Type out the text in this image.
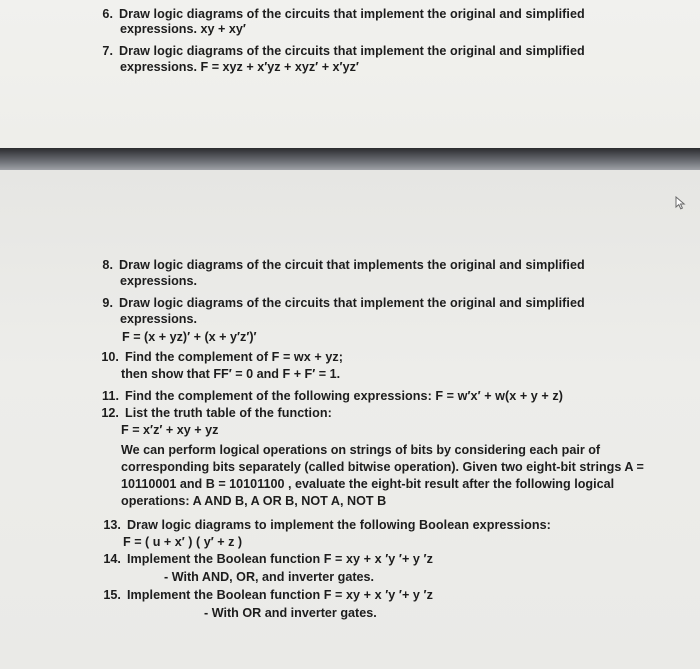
6. Draw logic diagrams of the circuits that implement the original and simplified
expressions. xy + xy′
7. Draw logic diagrams of the circuits that implement the original and simplified
expressions. F = xyz + x′yz + xyz′ + x′yz′
8. Draw logic diagrams of the circuit that implements the original and simplified
expressions.
9. Draw logic diagrams of the circuits that implement the original and simplified
expressions.
F = (x + yz)′ + (x + y′z′)′
10. Find the complement of F = wx + yz;
then show that FF′ = 0 and F + F′ = 1.
11. Find the complement of the following expressions: F = w′x′ + w(x + y + z)
12. List the truth table of the function:
F = x′z′ + xy + yz
We can perform logical operations on strings of bits by considering each pair of
corresponding bits separately (called bitwise operation). Given two eight-bit strings A =
10110001 and B = 10101100 , evaluate the eight-bit result after the following logical
operations: A AND B, A OR B, NOT A, NOT B
13. Draw logic diagrams to implement the following Boolean expressions:
F = ( u + x′ ) ( y′ + z )
14. Implement the Boolean function F = xy + x ′y ′+ y ′z
- With AND, OR, and inverter gates.
15. Implement the Boolean function F = xy + x ′y ′+ y ′z
- With OR and inverter gates.
